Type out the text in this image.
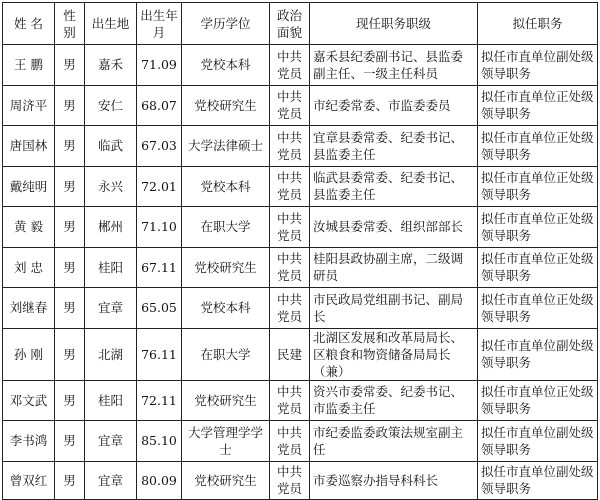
姓 名	性别	出生地	出生年月	学历学位	政治面貌	现任职务职级	拟任职务
王 鹏	男	嘉禾	71.09	党校本科	中共党员	嘉禾县纪委副书记、县监委副主任、一级主任科员	拟任市直单位副处级领导职务
周济平	男	安仁	68.07	党校研究生	中共党员	市纪委常委、市监委委员	拟任市直单位正处级领导职务
唐国林	男	临武	67.03	大学法律硕士	中共党员	宜章县委常委、纪委书记、县监委主任	拟任市直单位正处级领导职务
戴纯明	男	永兴	72.01	党校本科	中共党员	临武县委常委、纪委书记、县监委主任	拟任市直单位正处级领导职务
黄 毅	男	郴州	71.10	在职大学	中共党员	汝城县委常委、组织部部长	拟任市直单位正处级领导职务
刘 忠	男	桂阳	67.11	党校研究生	中共党员	桂阳县政协副主席，二级调研员	拟任市直单位正处级领导职务
刘继春	男	宜章	65.05	党校本科	中共党员	市民政局党组副书记、副局长	拟任市直单位正处级领导职务
孙 刚	男	北湖	76.11	在职大学	民建	北湖区发展和改革局局长、区粮食和物资储备局局长（兼）	拟任市直单位副处级领导职务
邓文武	男	桂阳	72.11	党校研究生	中共党员	资兴市委常委、纪委书记、市监委主任	拟任市直单位正处级领导职务
李书鸿	男	宜章	85.10	大学管理学学士	中共党员	市纪委监委政策法规室副主任	拟任市直单位副处级领导职务
曾双红	男	宜章	80.09	党校研究生	中共党员	市委巡察办指导科科长	拟任市直单位副处级领导职务
